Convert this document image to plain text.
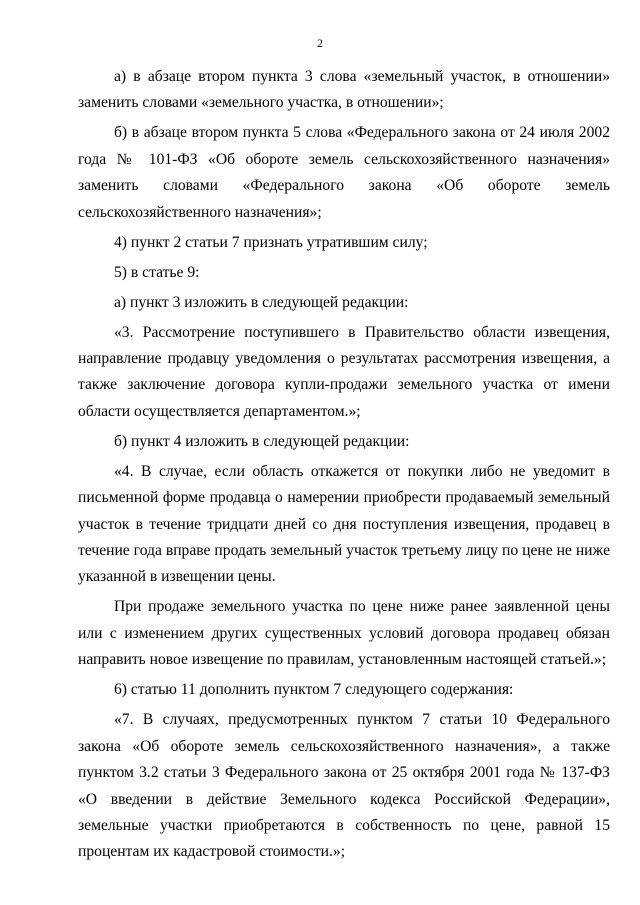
2

а) в абзаце втором пункта 3 слова «земельный участок, в отношении» заменить словами «земельного участка, в отношении»;

б) в абзаце втором пункта 5 слова «Федерального закона от 24 июля 2002 года № 101-ФЗ «Об обороте земель сельскохозяйственного назначения» заменить словами «Федерального закона «Об обороте земель сельскохозяйственного назначения»;

4) пункт 2 статьи 7 признать утратившим силу;

5) в статье 9:

а) пункт 3 изложить в следующей редакции:

«3. Рассмотрение поступившего в Правительство области извещения, направление продавцу уведомления о результатах рассмотрения извещения, а также заключение договора купли-продажи земельного участка от имени области осуществляется департаментом.»;

б) пункт 4 изложить в следующей редакции:

«4. В случае, если область откажется от покупки либо не уведомит в письменной форме продавца о намерении приобрести продаваемый земельный участок в течение тридцати дней со дня поступления извещения, продавец в течение года вправе продать земельный участок третьему лицу по цене не ниже указанной в извещении цены.

При продаже земельного участка по цене ниже ранее заявленной цены или с изменением других существенных условий договора продавец обязан направить новое извещение по правилам, установленным настоящей статьей.»;

6) статью 11 дополнить пунктом 7 следующего содержания:

«7. В случаях, предусмотренных пунктом 7 статьи 10 Федерального закона «Об обороте земель сельскохозяйственного назначения», а также пунктом 3.2 статьи 3 Федерального закона от 25 октября 2001 года № 137-ФЗ «О введении в действие Земельного кодекса Российской Федерации», земельные участки приобретаются в собственность по цене, равной 15 процентам их кадастровой стоимости.»;
